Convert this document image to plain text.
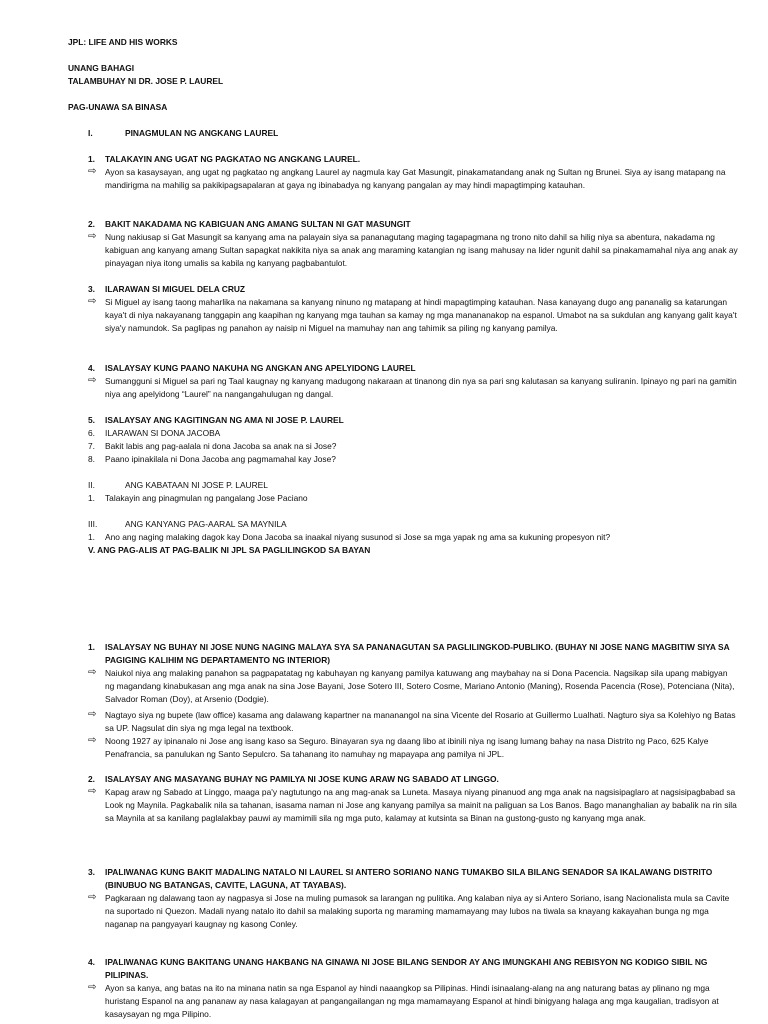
JPL: LIFE AND HIS WORKS
UNANG BAHAGI
TALAMBUHAY NI DR. JOSE P. LAUREL
PAG-UNAWA SA BINASA
I.	PINAGMULAN NG ANGKANG LAUREL
1. TALAKAYIN ANG UGAT NG PAGKATAO NG ANGKANG LAUREL.
⇨ Ayon sa kasaysayan, ang ugat ng pagkatao ng angkang Laurel ay nagmula kay Gat Masungit, pinakamatandang anak ng Sultan ng Brunei. Siya ay isang matapang na mandirigma na mahilig sa pakikipagsapalaran at gaya ng ibinabadya ng kanyang pangalan ay may hindi mapagtimping katauhan.
2. BAKIT NAKADAMA NG KABIGUAN ANG AMANG SULTAN NI GAT MASUNGIT
⇨ Nung nakiusap si Gat Masungit sa kanyang ama na palayain siya sa pananagutang maging tagapagmana ng trono nito dahil sa hilig niya sa abentura, nakadama ng kabiguan ang kanyang amang Sultan sapagkat nakikita niya sa anak ang maraming katangian ng isang mahusay na lider ngunit dahil sa pinakamamahal niya ang anak ay pinayagan niya itong umalis sa kabila ng kanyang pagbabantulot.
3. ILARAWAN SI MIGUEL DELA CRUZ
⇨ Si Miguel ay isang taong maharlika na nakamana sa kanyang ninuno ng matapang at hindi mapagtimping katauhan. Nasa kanayang dugo ang pananalig sa katarungan kaya't di niya nakayanang tanggapin ang kaapihan ng kanyang mga tauhan sa kamay ng mga manananakop na espanol. Umabot na sa sukdulan ang kanyang galit kaya't siya'y namundok. Sa paglipas ng panahon ay naisip ni Miguel na mamuhay nan ang tahimik sa piling ng kanyang pamilya.
4. ISALAYSAY KUNG PAANO NAKUHA NG ANGKAN ANG APELYIDONG LAUREL
⇨ Sumangguni si Miguel sa pari ng Taal kaugnay ng kanyang madugong nakaraan at tinanong din nya sa pari sng kalutasan sa kanyang suliranin. Ipinayo ng pari na gamitin niya ang apelyidong “Laurel” na nangangahulugan ng dangal.
5. ISALAYSAY ANG KAGITINGAN NG AMA NI JOSE P. LAUREL
6. ILARAWAN SI DONA JACOBA
7. Bakit labis ang pag-aalala ni dona Jacoba sa anak na si Jose?
8. Paano ipinakilala ni Dona Jacoba ang pagmamahal kay Jose?
II.	ANG KABATAAN NI JOSE P. LAUREL
1. Talakayin ang pinagmulan ng pangalang Jose Paciano
III.	ANG KANYANG PAG-AARAL SA MAYNILA
1. Ano ang naging malaking dagok kay Dona Jacoba sa inaakal niyang susunod si Jose sa mga yapak ng ama sa kukuning propesyon nit?
V. ANG PAG-ALIS AT PAG-BALIK NI JPL SA PAGLILINGKOD SA BAYAN
1. ISALAYSAY NG BUHAY NI JOSE NUNG NAGING MALAYA SYA SA PANANAGUTAN SA PAGLILINGKOD-PUBLIKO. (BUHAY NI JOSE NANG MAGBITIW SIYA SA PAGIGING KALIHIM NG DEPARTAMENTO NG INTERIOR)
⇨ Naiukol niya ang malaking panahon sa pagpapatatag ng kabuhayan ng kanyang pamilya katuwang ang maybahay na si Dona Pacencia. Nagsikap sila upang mabigyan ng magandang kinabukasan ang mga anak na sina Jose Bayani, Jose Sotero III, Sotero Cosme, Mariano Antonio (Maning), Rosenda Pacencia (Rose), Potenciana (Nita), Salvador Roman (Doy), at Arsenio (Dodgie).
⇨ Nagtayo siya ng bupete (law office) kasama ang dalawang kapartner na mananangol na sina Vicente del Rosario at Guillermo Lualhati. Nagturo siya sa Kolehiyo ng Batas sa UP. Nagsulat din siya ng mga legal na textbook.
⇨ Noong 1927 ay ipinanalo ni Jose ang isang kaso sa Seguro. Binayaran sya ng daang libo at ibinili niya ng isang lumang bahay na nasa Distrito ng Paco, 625 Kalye Penafrancia, sa panulukan ng Santo Sepulcro. Sa tahanang ito namuhay ng mapayapa ang pamilya ni JPL.
2. ISALAYSAY ANG MASAYANG BUHAY NG PAMILYA NI JOSE KUNG ARAW NG SABADO AT LINGGO.
⇨ Kapag araw ng Sabado at Linggo, maaga pa'y nagtutungo na ang mag-anak sa Luneta. Masaya niyang pinanuod ang mga anak na nagsisipaglaro at nagsisipagbabad sa Look ng Maynila. Pagkabalik nila sa tahanan, isasama naman ni Jose ang kanyang pamilya sa mainit na paliguan sa Los Banos. Bago mananghalian ay babalik na rin sila sa Maynila at sa kanilang paglalakbay pauwi ay mamimili sila ng mga puto, kalamay at kutsinta sa Binan na gustong-gusto ng kanyang mga anak.
3. IPALIWANAG KUNG BAKIT MADALING NATALO NI LAUREL SI ANTERO SORIANO NANG TUMAKBO SILA BILANG SENADOR SA IKALAWANG DISTRITO (BINUBUO NG BATANGAS, CAVITE, LAGUNA, AT TAYABAS).
⇨ Pagkaraan ng dalawang taon ay nagpasya si Jose na muling pumasok sa larangan ng pulitika. Ang kalaban niya ay si Antero Soriano, isang Nacionalista mula sa Cavite na suportado ni Quezon. Madali nyang natalo ito dahil sa malaking suporta ng maraming mamamayang may lubos na tiwala sa knayang kakayahan bunga ng mga naganap na pangyayari kaugnay ng kasong Conley.
4. IPALIWANAG KUNG BAKITANG UNANG HAKBANG NA GINAWA NI JOSE BILANG SENDOR AY ANG IMUNGKAHI ANG REBISYON NG KODIGO SIBIL NG PILIPINAS.
⇨ Ayon sa kanya, ang batas na ito na minana natin sa nga Espanol ay hindi naaangkop sa Pilipinas. Hindi isinaalang-alang na ang naturang batas ay plinano ng mga huristang Espanol na ang pananaw ay nasa kalagayan at pangangailangan ng mga mamamayang Espanol at hindi binigyang halaga ang mga kaugalian, tradisyon at kasaysayan ng mga Pilipino.
